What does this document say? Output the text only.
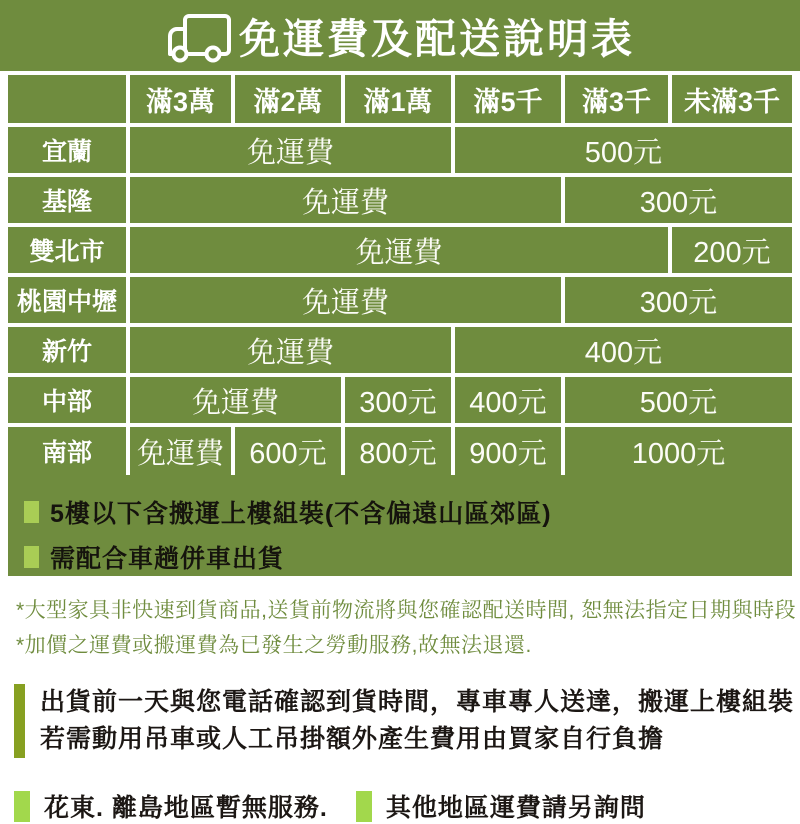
免運費及配送說明表
	滿3萬	滿2萬	滿1萬	滿5千	滿3千	未滿3千
宜蘭	免運費			500元		
基隆	免運費				300元	
雙北市	免運費					200元
桃園中壢	免運費				300元	
新竹	免運費			400元		
中部	免運費		300元	400元	500元	
南部	免運費	600元	800元	900元	1000元	
5樓以下含搬運上樓組裝(不含偏遠山區郊區)
需配合車趟併車出貨
*大型家具非快速到貨商品,送貨前物流將與您確認配送時間, 恕無法指定日期與時段
*加價之運費或搬運費為已發生之勞動服務,故無法退還.
出貨前一天與您電話確認到貨時間，專車專人送達，搬運上樓組裝
若需動用吊車或人工吊掛額外產生費用由買家自行負擔
花東. 離島地區暫無服務. 其他地區運費請另詢問
